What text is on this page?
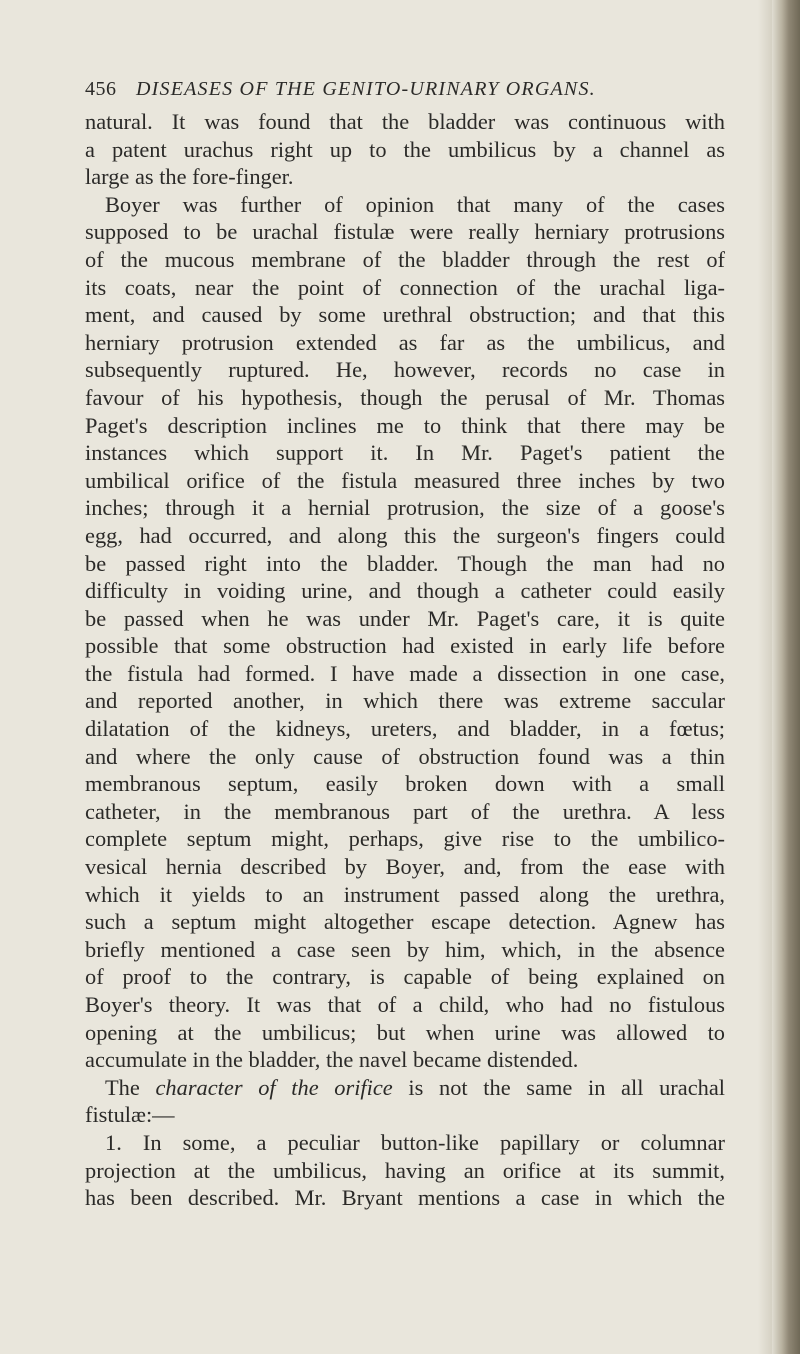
456 DISEASES OF THE GENITO-URINARY ORGANS.
natural. It was found that the bladder was continuous with
a patent urachus right up to the umbilicus by a channel as
large as the fore-finger.
Boyer was further of opinion that many of the cases
supposed to be urachal fistulæ were really herniary protrusions
of the mucous membrane of the bladder through the rest of
its coats, near the point of connection of the urachal liga-
ment, and caused by some urethral obstruction; and that this
herniary protrusion extended as far as the umbilicus, and
subsequently ruptured. He, however, records no case in
favour of his hypothesis, though the perusal of Mr. Thomas
Paget's description inclines me to think that there may be
instances which support it. In Mr. Paget's patient the
umbilical orifice of the fistula measured three inches by two
inches; through it a hernial protrusion, the size of a goose's
egg, had occurred, and along this the surgeon's fingers could
be passed right into the bladder. Though the man had no
difficulty in voiding urine, and though a catheter could easily
be passed when he was under Mr. Paget's care, it is quite
possible that some obstruction had existed in early life before
the fistula had formed. I have made a dissection in one case,
and reported another, in which there was extreme saccular
dilatation of the kidneys, ureters, and bladder, in a fœtus;
and where the only cause of obstruction found was a thin
membranous septum, easily broken down with a small
catheter, in the membranous part of the urethra. A less
complete septum might, perhaps, give rise to the umbilico-
vesical hernia described by Boyer, and, from the ease with
which it yields to an instrument passed along the urethra,
such a septum might altogether escape detection. Agnew has
briefly mentioned a case seen by him, which, in the absence
of proof to the contrary, is capable of being explained on
Boyer's theory. It was that of a child, who had no fistulous
opening at the umbilicus; but when urine was allowed to
accumulate in the bladder, the navel became distended.
The character of the orifice is not the same in all urachal
fistulæ:—
1. In some, a peculiar button-like papillary or columnar
projection at the umbilicus, having an orifice at its summit,
has been described. Mr. Bryant mentions a case in which the
